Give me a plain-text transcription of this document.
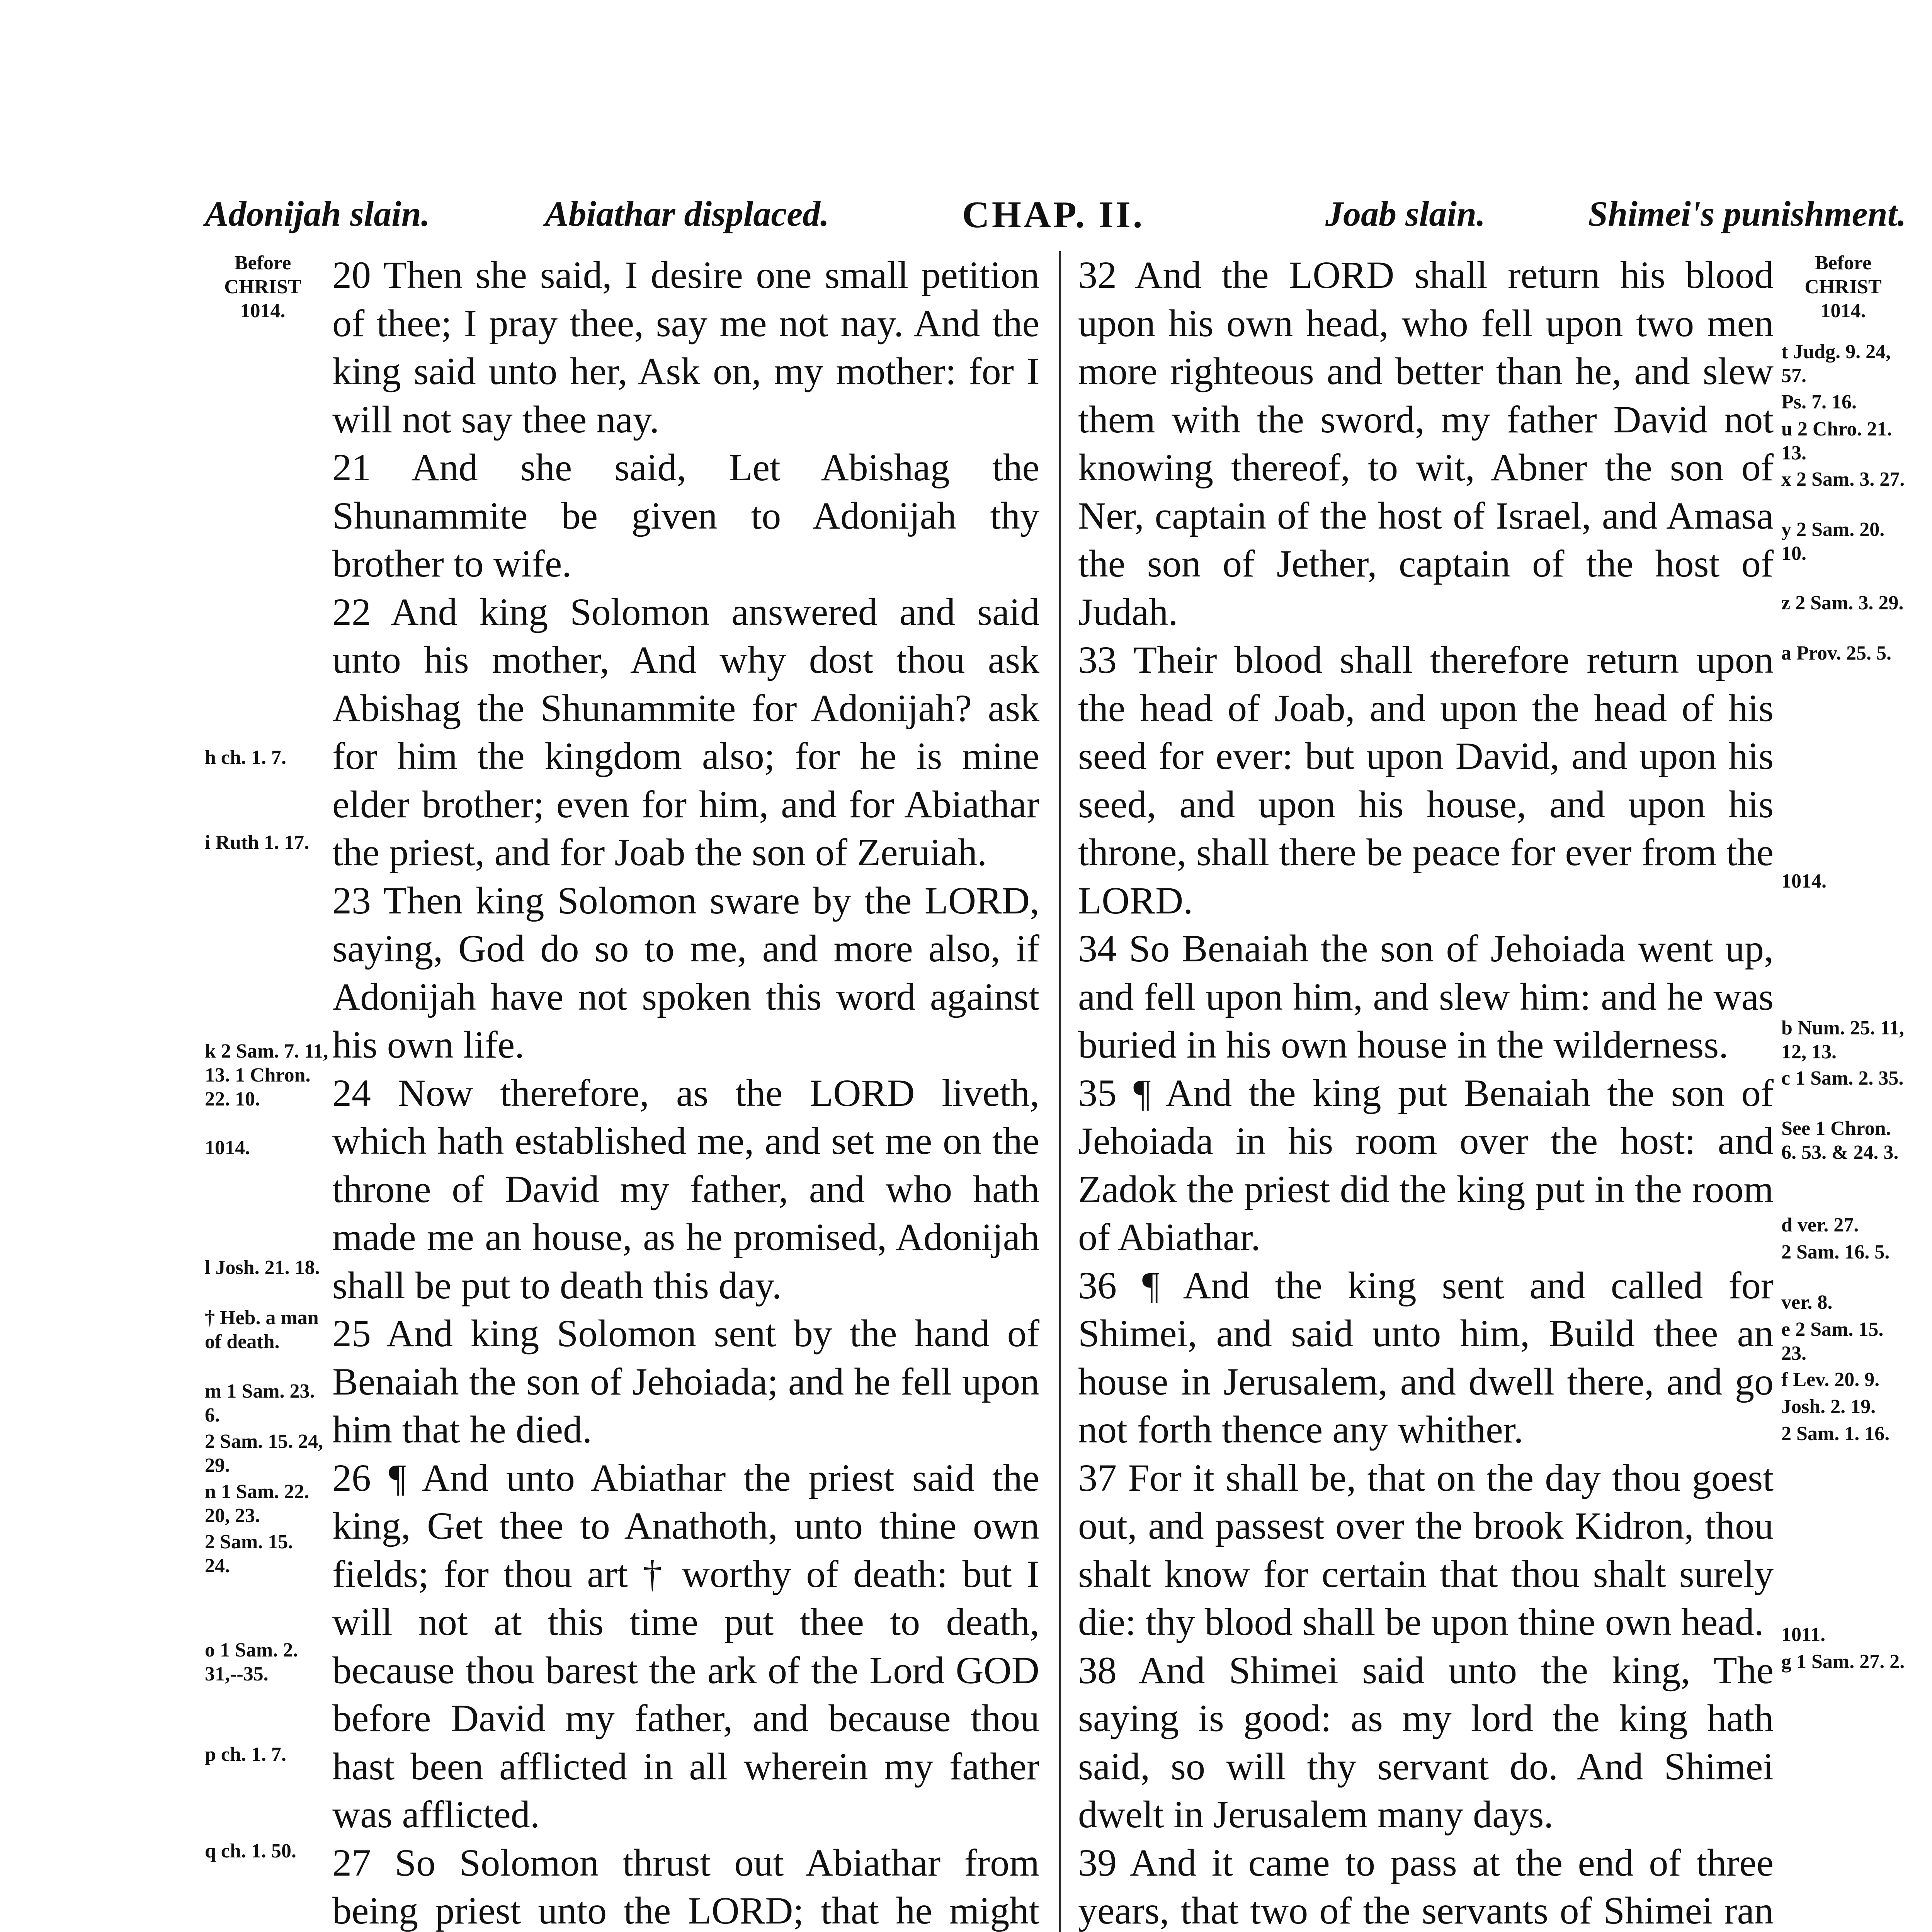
Adonijah slain.	Abiathar displaced.	CHAP. II.	Joab slain.	Shimei's punishment.
Before
CHRIST
1014.
Before
CHRIST
1014.

20 Then she said, I desire one small petition of thee; I pray thee, say me not nay. And the king said unto her, Ask on, my mother: for I will not say thee nay.

21 And she said, Let Abishag the Shunammite be given to Adonijah thy brother to wife.

22 And king Solomon answered and said unto his mother, And why dost thou ask Abishag the Shunammite for Adonijah? ask for him the kingdom also; for he is mine elder brother; even for him, and for Abiathar the priest, and for Joab the son of Zeruiah.

23 Then king Solomon sware by the LORD, saying, God do so to me, and more also, if Adonijah have not spoken this word against his own life.

24 Now therefore, as the LORD liveth, which hath established me, and set me on the throne of David my father, and who hath made me an house, as he promised, Adonijah shall be put to death this day.

25 And king Solomon sent by the hand of Benaiah the son of Jehoiada; and he fell upon him that he died.

26 ¶ And unto Abiathar the priest said the king, Get thee to Anathoth, unto thine own fields; for thou art † worthy of death: but I will not at this time put thee to death, because thou barest the ark of the Lord GOD before David my father, and because thou hast been afflicted in all wherein my father was afflicted.

27 So Solomon thrust out Abiathar from being priest unto the LORD; that he might

32 And the LORD shall return his blood upon his own head, who fell upon two men more righteous and better than he, and slew them with the sword, my father David not knowing thereof, to wit, Abner the son of Ner, captain of the host of Israel, and Amasa the son of Jether, captain of the host of Judah.

33 Their blood shall therefore return upon the head of Joab, and upon the head of his seed for ever: but upon David, and upon his seed, and upon his house, and upon his throne, shall there be peace for ever from the LORD.

34 So Benaiah the son of Jehoiada went up, and fell upon him, and slew him: and he was buried in his own house in the wilderness.

35 ¶ And the king put Benaiah the son of Jehoiada in his room over the host: and Zadok the priest did the king put in the room of Abiathar.

36 ¶ And the king sent and called for Shimei, and said unto him, Build thee an house in Jerusalem, and dwell there, and go not forth thence any whither.

37 For it shall be, that on the day thou goest out, and passest over the brook Kidron, thou shalt know for certain that thou shalt surely die: thy blood shall be upon thine own head.

38 And Shimei said unto the king, The saying is good: as my lord the king hath said, so will thy servant do. And Shimei dwelt in Jerusalem many days.

39 And it came to pass at the end of three years, that two of the servants of Shimei ran

h ch. 1. 7.
i Ruth 1. 17.
k 2 Sam. 7. 11, 13. 1 Chron. 22. 10.
1014.
l Josh. 21. 18.
† Heb. a man of death.
m 1 Sam. 23. 6.
2 Sam. 15. 24, 29.
n 1 Sam. 22. 20, 23.
2 Sam. 15. 24.
o 1 Sam. 2. 31,--35.
p ch. 1. 7.
q ch. 1. 50.
t Judg. 9. 24, 57.
Ps. 7. 16.
u 2 Chro. 21. 13.
x 2 Sam. 3. 27.
y 2 Sam. 20. 10.
z 2 Sam. 3. 29.
a Prov. 25. 5.
1014.
b Num. 25. 11, 12, 13.
c 1 Sam. 2. 35.
See 1 Chron. 6. 53. & 24. 3.
d ver. 27.
2 Sam. 16. 5.
ver. 8.
e 2 Sam. 15. 23.
f Lev. 20. 9.
Josh. 2. 19.
2 Sam. 1. 16.
1011.
g 1 Sam. 27. 2.
